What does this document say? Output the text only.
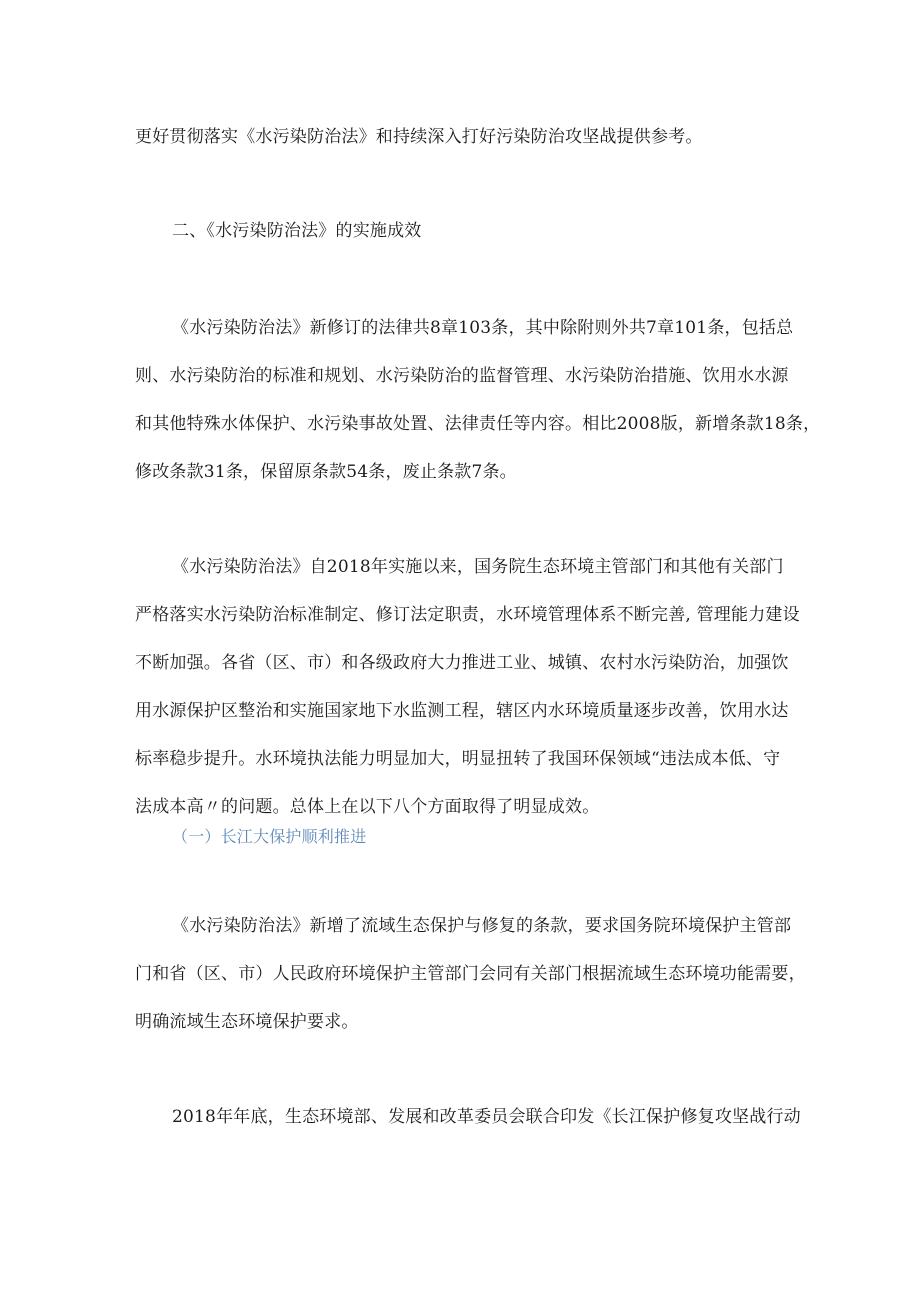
更好贯彻落实《水污染防治法》和持续深入打好污染防治攻坚战提供参考。
二、《水污染防治法》的实施成效
《水污染防治法》新修订的法律共8章103条，其中除附则外共7章101条，包括总
则、水污染防治的标准和规划、水污染防治的监督管理、水污染防治措施、饮用水水源
和其他特殊水体保护、水污染事故处置、法律责任等内容。相比2008版，新增条款18条，
修改条款31条，保留原条款54条，废止条款7条。
《水污染防治法》自2018年实施以来，国务院生态环境主管部门和其他有关部门
严格落实水污染防治标准制定、修订法定职责，水环境管理体系不断完善, 管理能力建设
不断加强。各省（区、市）和各级政府大力推进工业、城镇、农村水污染防治，加强饮
用水源保护区整治和实施国家地下水监测工程，辖区内水环境质量逐步改善，饮用水达
标率稳步提升。水环境执法能力明显加大，明显扭转了我国环保领域“违法成本低、守
法成本高〃的问题。总体上在以下八个方面取得了明显成效。
（一）长江大保护顺利推进
《水污染防治法》新增了流域生态保护与修复的条款，要求国务院环境保护主管部
门和省（区、市）人民政府环境保护主管部门会同有关部门根据流域生态环境功能需要，
明确流域生态环境保护要求。
2018年年底，生态环境部、发展和改革委员会联合印发《长江保护修复攻坚战行动
